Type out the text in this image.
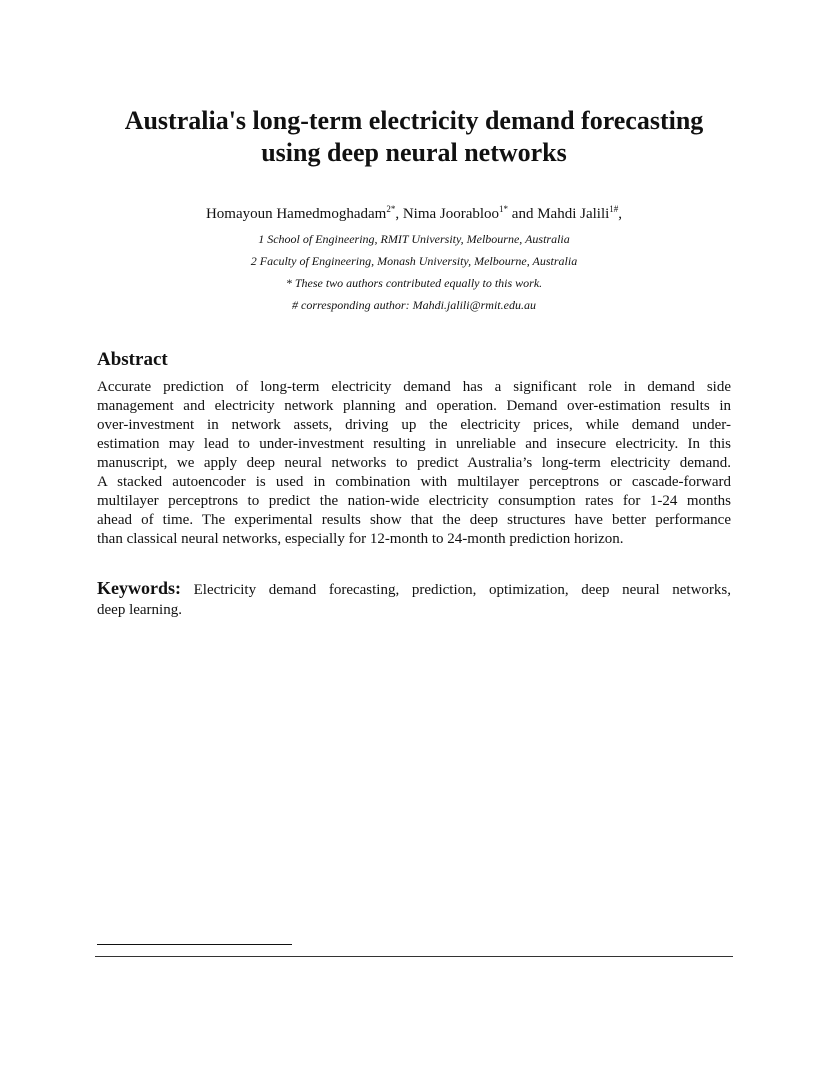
Australia's long-term electricity demand forecasting
using deep neural networks
Homayoun Hamedmoghadam$^{2*}$, Nima Joorabloo$^{1*}$ and Mahdi Jalili$^{1\#}$,
1 School of Engineering, RMIT University, Melbourne, Australia
2 Faculty of Engineering, Monash University, Melbourne, Australia
* These two authors contributed equally to this work.
# corresponding author: Mahdi.jalili@rmit.edu.au
Abstract
Accurate prediction of long-term electricity demand has a significant role in demand side
management and electricity network planning and operation. Demand over-estimation results in
over-investment in network assets, driving up the electricity prices, while demand under-
estimation may lead to under-investment resulting in unreliable and insecure electricity. In this
manuscript, we apply deep neural networks to predict Australia’s long-term electricity demand.
A stacked autoencoder is used in combination with multilayer perceptrons or cascade-forward
multilayer perceptrons to predict the nation-wide electricity consumption rates for 1-24 months
ahead of time. The experimental results show that the deep structures have better performance
than classical neural networks, especially for 12-month to 24-month prediction horizon.
Keywords: Electricity demand forecasting, prediction, optimization, deep neural networks,
deep learning.
